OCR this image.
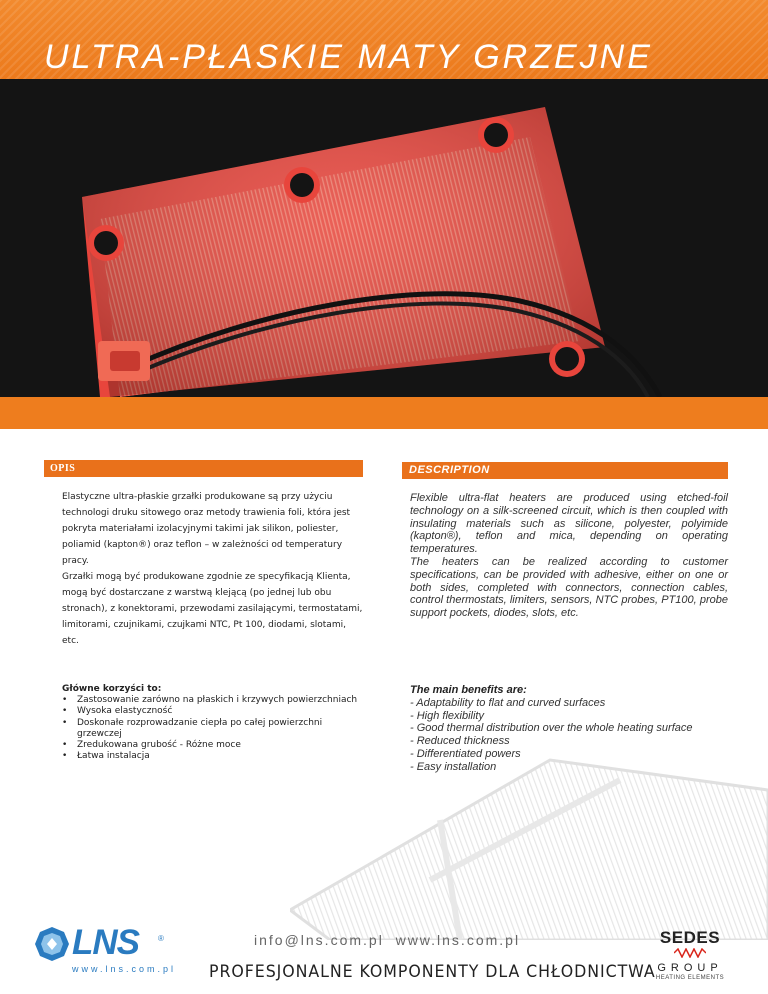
ULTRA-PŁASKIE MATY GRZEJNE
OPIS	DESCRIPTION
Elastyczne ultra-płaskie grzałki produkowane są przy użyciu technologi druku sitowego oraz metody trawienia foli, która jest pokryta materiałami izolacyjnymi takimi jak silikon, poliester, poliamid (kapton®) oraz teflon – w zależności od temperatury pracy.
Grzałki mogą być produkowane zgodnie ze specyfikacją Klienta, mogą być dostarczane z warstwą klejącą (po jednej lub obu stronach), z konektorami, przewodami zasilającymi, termostatami, limitorami, czujnikami, czujkami NTC, Pt 100, diodami, slotami, etc.
Flexible ultra-flat heaters are produced using etched-foil technology on a silk-screened circuit, which is then coupled with insulating materials such as silicone, polyester, polyimide (kapton®), teflon and mica, depending on operating temperatures.
The heaters can be realized according to customer specifications, can be provided with adhesive, either on one or both sides, completed with connectors, connection cables, control thermostats, limiters, sensors, NTC probes, PT100, probe support pockets, diodes, slots, etc.
Główne korzyści to:
• Zastosowanie zarówno na płaskich i krzywych powierzchniach
• Wysoka elastyczność
• Doskonałe rozprowadzanie ciepła po całej powierzchni grzewczej
• Zredukowana grubość - Różne moce
• Łatwa instalacja
The main benefits are:
- Adaptability to flat and curved surfaces
- High flexibility
- Good thermal distribution over the whole heating surface
- Reduced thickness
- Differentiated powers
- Easy installation
LNS ®
www.lns.com.pl
info@lns.com.pl  www.lns.com.pl
PROFESJONALNE KOMPONENTY DLA CHŁODNICTWA
SEDES
GROUP
HEATING ELEMENTS
